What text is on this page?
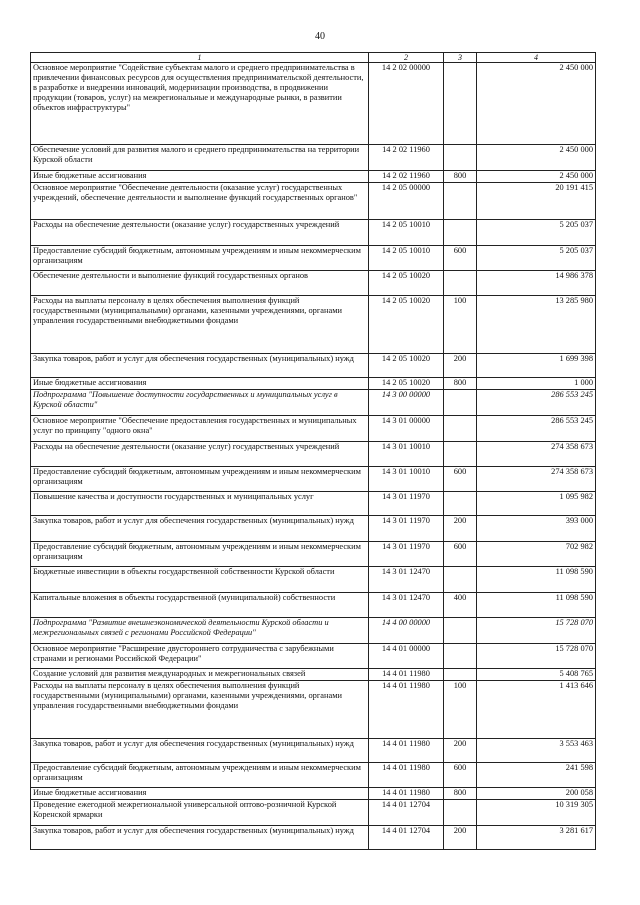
40
1	2	3	4
Основное мероприятие "Содействие субъектам малого и среднего предпринимательства в привлечении финансовых ресурсов для осуществления предпринимательской деятельности, в разработке и внедрении инноваций, модернизации производства, в продвижении продукции (товаров, услуг) на межрегиональные и международные рынки, в развитии объектов инфраструктуры"	14 2 02 00000		2 450 000
Обеспечение условий для развития малого и среднего предпринимательства на территории Курской области	14 2 02 11960		2 450 000
Иные бюджетные ассигнования	14 2 02 11960	800	2 450 000
Основное мероприятие "Обеспечение деятельности (оказание услуг) государственных учреждений, обеспечение деятельности и выполнение функций государственных органов"	14 2 05 00000		20 191 415
Расходы на обеспечение деятельности (оказание услуг) государственных учреждений	14 2 05 10010		5 205 037
Предоставление субсидий бюджетным, автономным учреждениям и иным некоммерческим организациям	14 2 05 10010	600	5 205 037
Обеспечение деятельности и выполнение функций государственных органов	14 2 05 10020		14 986 378
Расходы на выплаты персоналу в целях обеспечения выполнения функций государственными (муниципальными) органами, казенными учреждениями, органами управления государственными внебюджетными фондами	14 2 05 10020	100	13 285 980
Закупка товаров, работ и услуг для обеспечения государственных (муниципальных) нужд	14 2 05 10020	200	1 699 398
Иные бюджетные ассигнования	14 2 05 10020	800	1 000
Подпрограмма "Повышение доступности государственных и муниципальных услуг в Курской области"	14 3 00 00000		286 553 245
Основное мероприятие "Обеспечение предоставления государственных и муниципальных услуг по принципу "одного окна"	14 3 01 00000		286 553 245
Расходы на обеспечение деятельности (оказание услуг) государственных учреждений	14 3 01 10010		274 358 673
Предоставление субсидий бюджетным, автономным учреждениям и иным некоммерческим организациям	14 3 01 10010	600	274 358 673
Повышение качества и доступности государственных и муниципальных услуг	14 3 01 11970		1 095 982
Закупка товаров, работ и услуг для обеспечения государственных (муниципальных) нужд	14 3 01 11970	200	393 000
Предоставление субсидий бюджетным, автономным учреждениям и иным некоммерческим организациям	14 3 01 11970	600	702 982
Бюджетные инвестиции в объекты государственной собственности Курской области	14 3 01 12470		11 098 590
Капитальные вложения в объекты государственной (муниципальной) собственности	14 3 01 12470	400	11 098 590
Подпрограмма "Развитие внешнеэкономической деятельности Курской области и межрегиональных связей с регионами Российской Федерации"	14 4 00 00000		15 728 070
Основное мероприятие "Расширение двустороннего сотрудничества с зарубежными странами и регионами Российской Федерации"	14 4 01 00000		15 728 070
Создание условий для развития международных и межрегиональных связей	14 4 01 11980		5 408 765
Расходы на выплаты персоналу в целях обеспечения выполнения функций государственными (муниципальными) органами, казенными учреждениями, органами управления государственными внебюджетными фондами	14 4 01 11980	100	1 413 646
Закупка товаров, работ и услуг для обеспечения государственных (муниципальных) нужд	14 4 01 11980	200	3 553 463
Предоставление субсидий бюджетным, автономным учреждениям и иным некоммерческим организациям	14 4 01 11980	600	241 598
Иные бюджетные ассигнования	14 4 01 11980	800	200 058
Проведение ежегодной межрегиональной универсальной оптово-розничной Курской Коренской ярмарки	14 4 01 12704		10 319 305
Закупка товаров, работ и услуг для обеспечения государственных (муниципальных) нужд	14 4 01 12704	200	3 281 617
